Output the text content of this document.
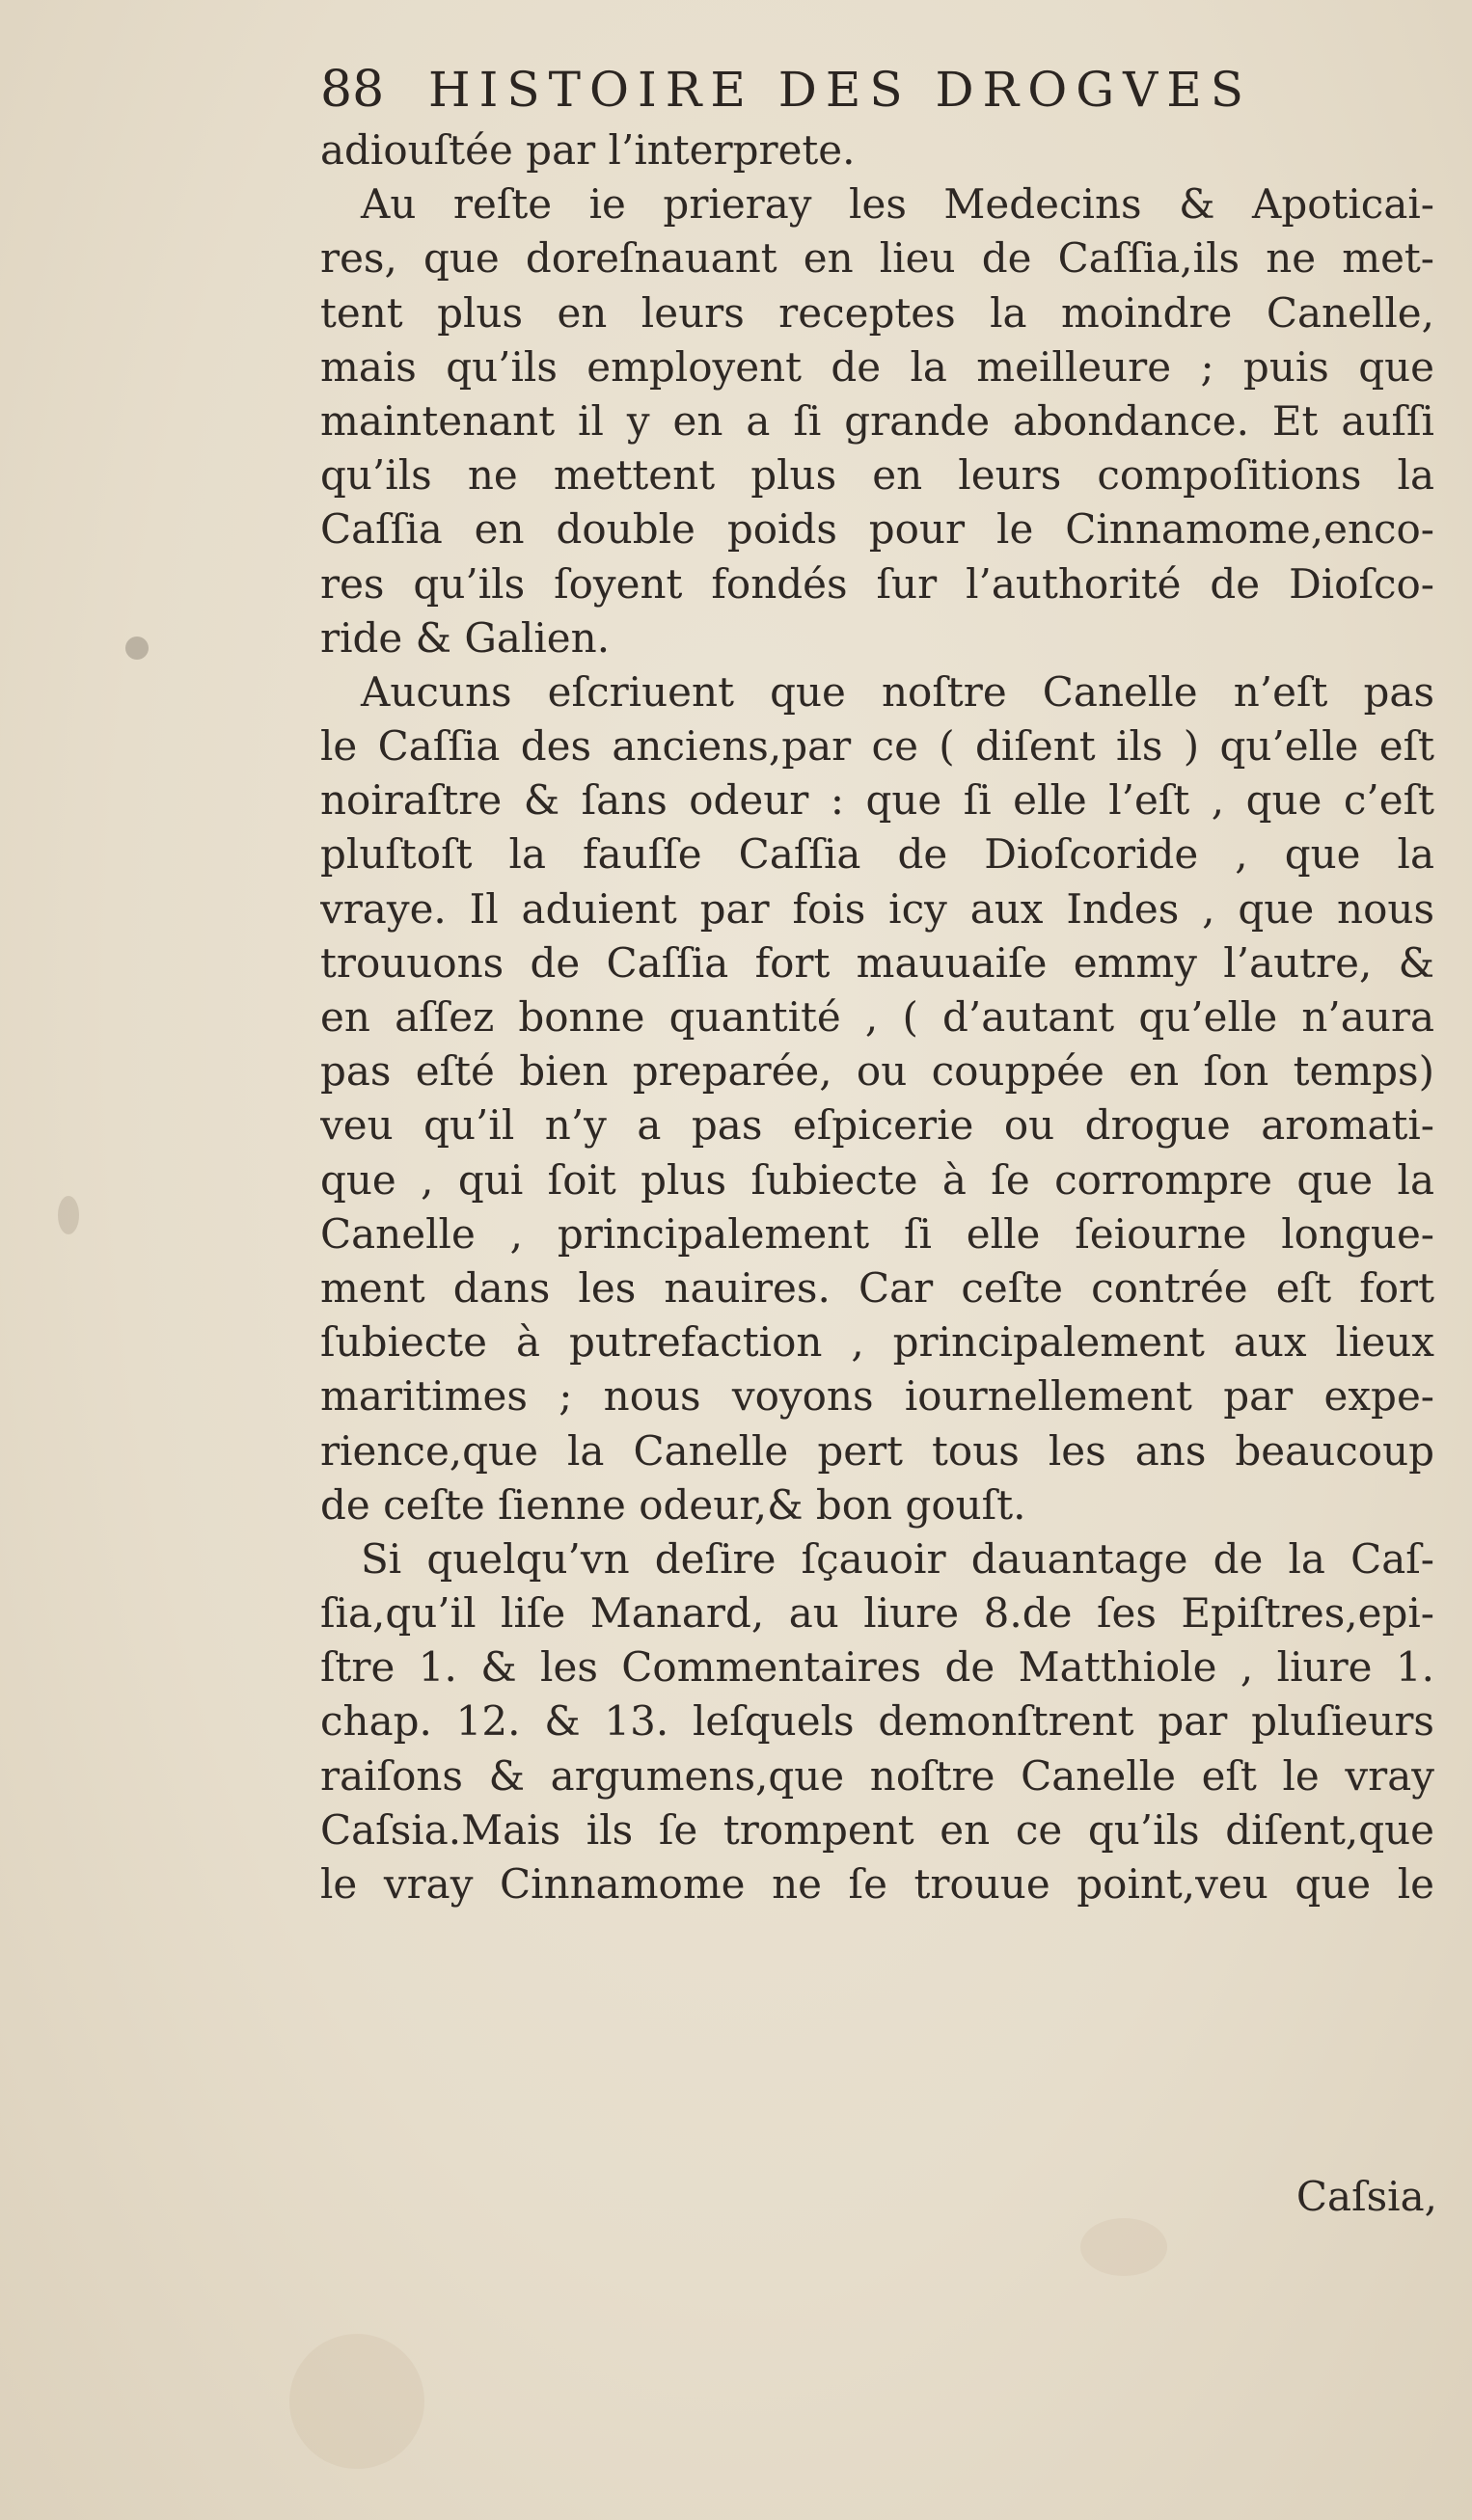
88 HISTOIRE DES DROGVES
adiouſtée par l’interprete.
Au reſte ie prieray les Medecins & Apoticai-
res, que doreſnauant en lieu de Caſſia,ils ne met-
tent plus en leurs receptes la moindre Canelle,
mais qu’ils employent de la meilleure ; puis que
maintenant il y en a ſi grande abondance. Et auſſi
qu’ils ne mettent plus en leurs compoſitions la
Caſſia en double poids pour le Cinnamome,enco-
res qu’ils ſoyent fondés ſur l’authorité de Dioſco-
ride & Galien.
Aucuns eſcriuent que noſtre Canelle n’eſt pas
le Caſſia des anciens,par ce ( diſent ils ) qu’elle eſt
noiraſtre & ſans odeur : que ſi elle l’eſt , que c’eſt
pluſtoſt la fauſſe Caſſia de Dioſcoride , que la
vraye. Il aduient par fois icy aux Indes , que nous
trouuons de Caſſia fort mauuaiſe emmy l’autre, &
en aſſez bonne quantité , ( d’autant qu’elle n’aura
pas eſté bien preparée, ou couppée en ſon temps)
veu qu’il n’y a pas eſpicerie ou drogue aromati-
que , qui ſoit plus ſubiecte à ſe corrompre que la
Canelle , principalement ſi elle ſeiourne longue-
ment dans les nauires. Car ceſte contrée eſt fort
ſubiecte à putrefaction , principalement aux lieux
maritimes ; nous voyons iournellement par expe-
rience,que la Canelle pert tous les ans beaucoup
de ceſte ſienne odeur,& bon gouſt.
Si quelqu’vn deſire ſçauoir dauantage de la Caſ-
ſia,qu’il liſe Manard, au liure 8.de ſes Epiſtres,epi-
ſtre 1. & les Commentaires de Matthiole , liure 1.
chap. 12. & 13. leſquels demonſtrent par pluſieurs
raiſons & argumens,que noſtre Canelle eſt le vray
Caſsia.Mais ils ſe trompent en ce qu’ils diſent,que
le vray Cinnamome ne ſe trouue point,veu que le
Caſsia,
